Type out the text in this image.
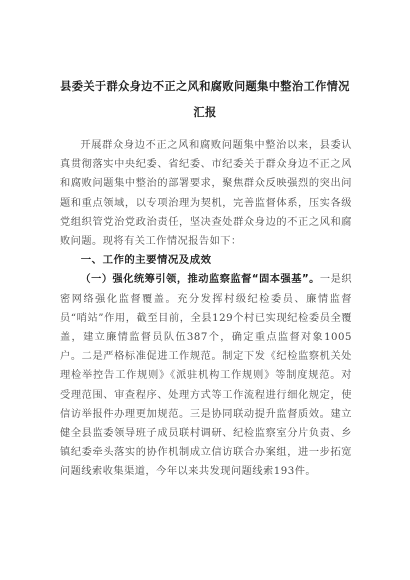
县委关于群众身边不正之风和腐败问题集中整治工作情况
汇报

开展群众身边不正之风和腐败问题集中整治以来，县委认真贯彻落实中央纪委、省纪委、市纪委关于群众身边不正之风和腐败问题集中整治的部署要求，聚焦群众反映强烈的突出问题和重点领域，以专项治理为契机，完善监督体系，压实各级党组织管党治党政治责任，坚决查处群众身边的不正之风和腐败问题。现将有关工作情况报告如下：

一、工作的主要情况及成效

（一）强化统筹引领，推动监察监督“固本强基”。一是织密网络强化监督覆盖。充分发挥村级纪检委员、廉情监督员“哨站”作用，截至目前，全县129个村已实现纪检委员全覆盖，建立廉情监督员队伍387个，确定重点监督对象1005户。二是严格标准促进工作规范。制定下发《纪检监察机关处理检举控告工作规则》《派驻机构工作规则》等制度规范。对受理范围、审查程序、处理方式等工作流程进行细化规定，使信访举报件办理更加规范。三是协同联动提升监督质效。建立健全县监委领导班子成员联村调研、纪检监察室分片负责、乡镇纪委牵头落实的协作机制成立信访联合办案组，进一步拓宽问题线索收集渠道，今年以来共发现问题线索193件。
